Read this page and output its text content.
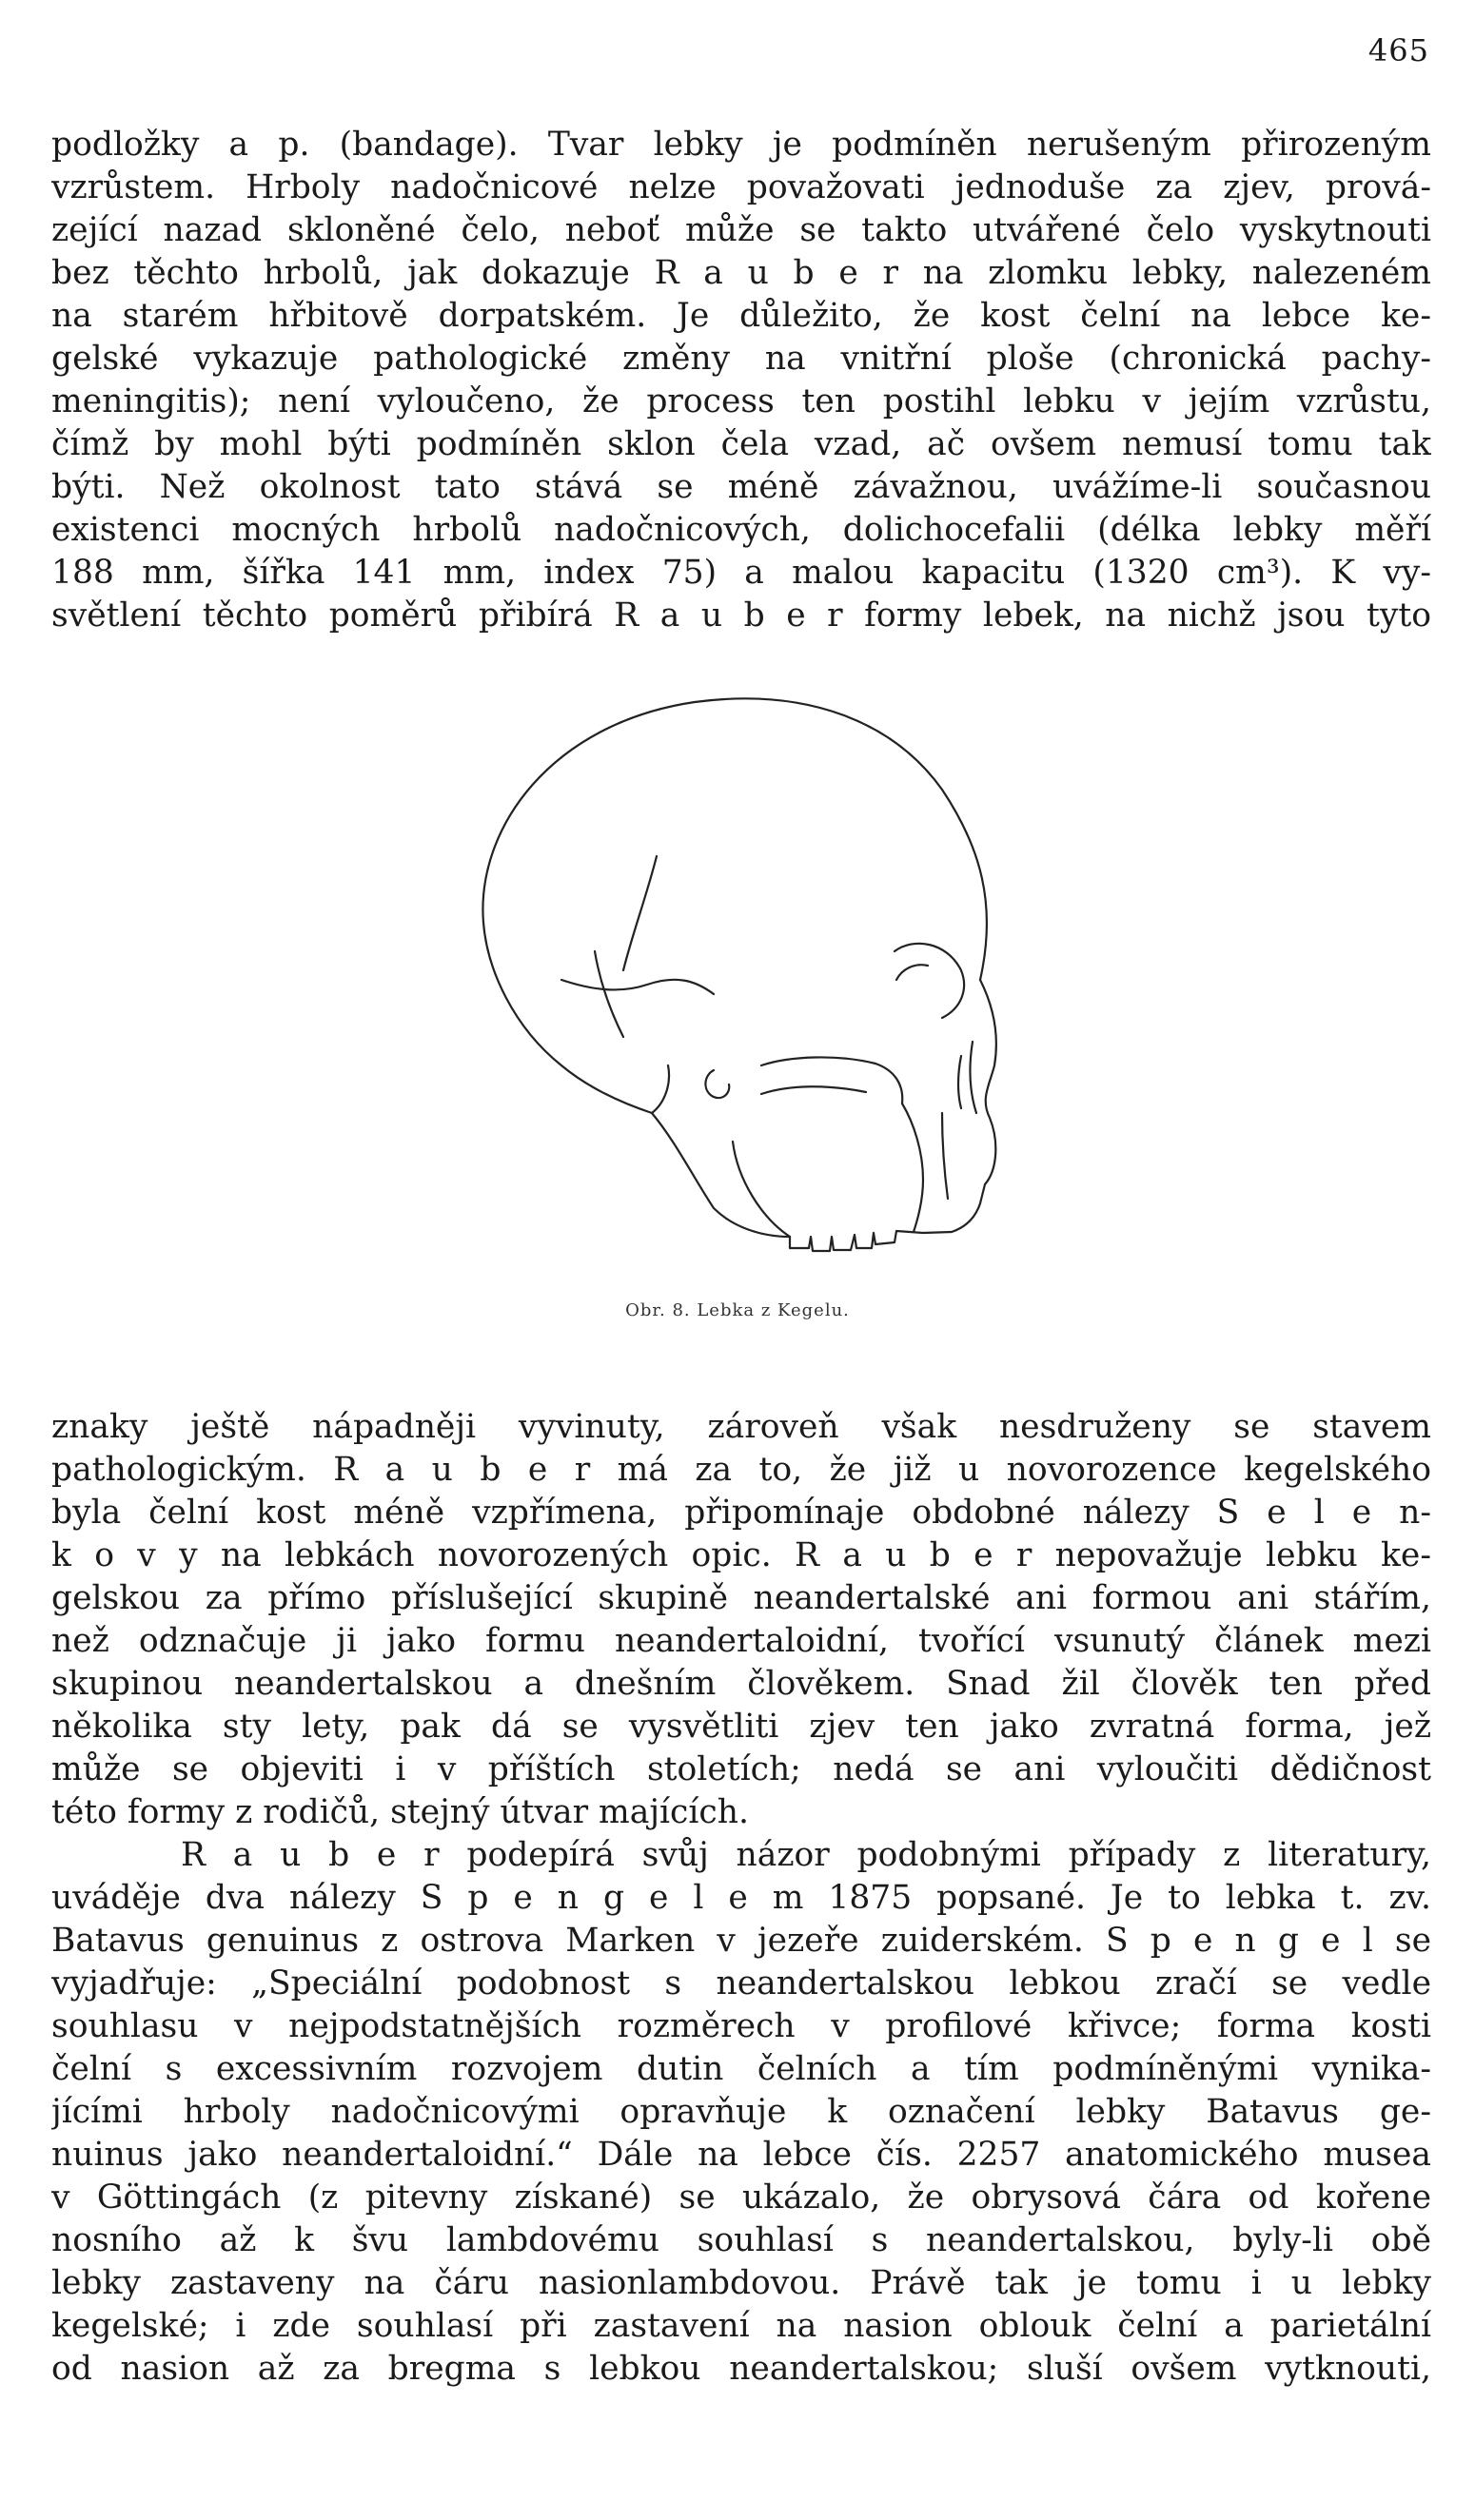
465
podložky a p. (bandage). Tvar lebky je podmíněn nerušeným přirozeným
vzrůstem. Hrboly nadočnicové nelze považovati jednoduše za zjev, prová-
zející nazad skloněné čelo, neboť může se takto utvářené čelo vyskytnouti
bez těchto hrbolů, jak dokazuje R a u b e r na zlomku lebky, nalezeném
na starém hřbitově dorpatském. Je důležito, že kost čelní na lebce ke-
gelské vykazuje pathologické změny na vnitřní ploše (chronická pachy-
meningitis); není vyloučeno, že process ten postihl lebku v jejím vzrůstu,
čímž by mohl býti podmíněn sklon čela vzad, ač ovšem nemusí tomu tak
býti. Než okolnost tato stává se méně závažnou, uvážíme-li současnou
existenci mocných hrbolů nadočnicových, dolichocefalii (délka lebky měří
188 mm, šířka 141 mm, index 75) a malou kapacitu (1320 cm³). K vy-
světlení těchto poměrů přibírá R a u b e r formy lebek, na nichž jsou tyto
Obr. 8. Lebka z Kegelu.
znaky ještě nápadněji vyvinuty, zároveň však nesdruženy se stavem
pathologickým. R a u b e r má za to, že již u novorozence kegelského
byla čelní kost méně vzpřímena, připomínaje obdobné nálezy S e l e n-
k o v y na lebkách novorozených opic. R a u b e r nepovažuje lebku ke-
gelskou za přímo příslušející skupině neandertalské ani formou ani stářím,
než odznačuje ji jako formu neandertaloidní, tvořící vsunutý článek mezi
skupinou neandertalskou a dnešním člověkem. Snad žil člověk ten před
několika sty lety, pak dá se vysvětliti zjev ten jako zvratná forma, jež
může se objeviti i v příštích stoletích; nedá se ani vyloučiti dědičnost
této formy z rodičů, stejný útvar majících.
R a u b e r podepírá svůj názor podobnými případy z literatury,
uváděje dva nálezy S p e n g e l e m 1875 popsané. Je to lebka t. zv.
Batavus genuinus z ostrova Marken v jezeře zuiderském. S p e n g e l se
vyjadřuje: „Speciální podobnost s neandertalskou lebkou zračí se vedle
souhlasu v nejpodstatnějších rozměrech v profilové křivce; forma kosti
čelní s excessivním rozvojem dutin čelních a tím podmíněnými vynika-
jícími hrboly nadočnicovými opravňuje k označení lebky Batavus ge-
nuinus jako neandertaloidní.“ Dále na lebce čís. 2257 anatomického musea
v Göttingách (z pitevny získané) se ukázalo, že obrysová čára od kořene
nosního až k švu lambdovému souhlasí s neandertalskou, byly-li obě
lebky zastaveny na čáru nasionlambdovou. Právě tak je tomu i u lebky
kegelské; i zde souhlasí při zastavení na nasion oblouk čelní a parietální
od nasion až za bregma s lebkou neandertalskou; sluší ovšem vytknouti,
